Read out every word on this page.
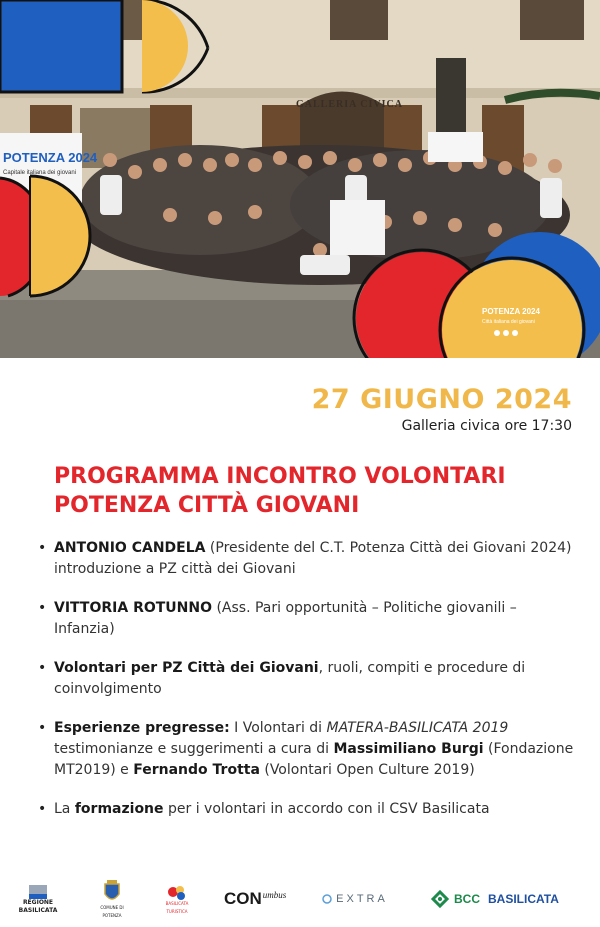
POTENZA 2024
Capitale italiana dei giovani
GALLERIA CIVICA
POTENZA 2024
Città italiana dei giovani
27 GIUGNO 2024
Galleria civica ore 17:30
PROGRAMMA INCONTRO VOLONTARI
POTENZA CITTÀ GIOVANI
• ANTONIO CANDELA (Presidente del C.T. Potenza Città dei Giovani 2024) introduzione a PZ città dei Giovani
• VITTORIA ROTUNNO (Ass. Pari opportunità – Politiche giovanili – Infanzia)
• Volontari per PZ Città dei Giovani, ruoli, compiti e procedure di coinvolgimento
• Esperienze pregresse: I Volontari di MATERA-BASILICATA 2019 testimonianze e suggerimenti a cura di Massimiliano Burgi (Fondazione MT2019) e Fernando Trotta (Volontari Open Culture 2019)
• La formazione per i volontari in accordo con il CSV Basilicata
REGIONE
BASILICATA	COMUNE DI POTENZA
BASILICATA TURISTICA
CON umbus	EXTRA	BCC BASILICATA
